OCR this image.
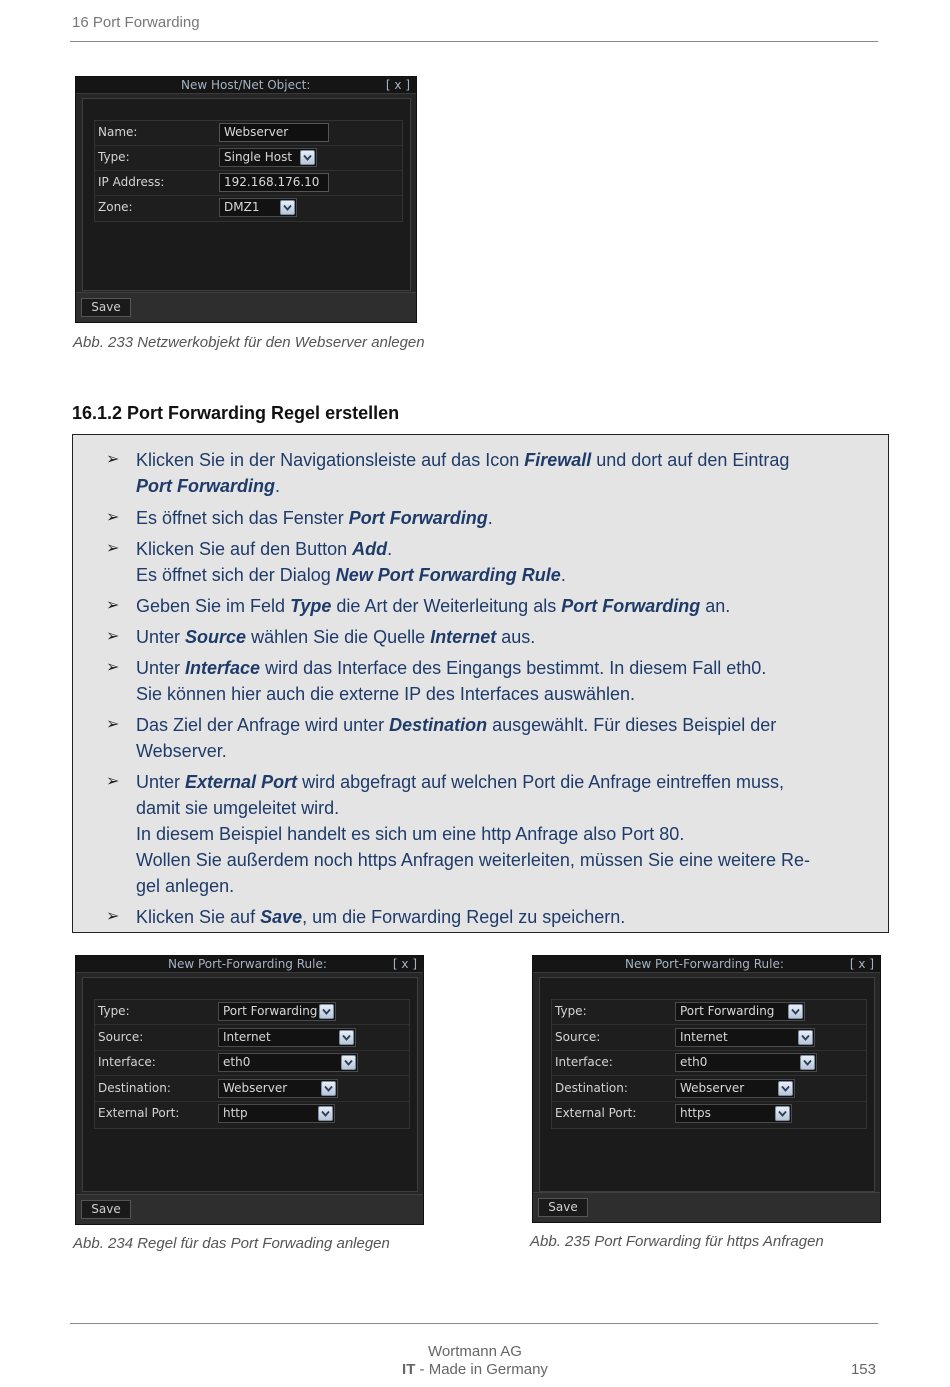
16 Port Forwarding
New Host/Net Object:	[ x ]
Name:	Webserver
Type:	Single Host
IP Address:	192.168.176.10
Zone:	DMZ1
Save
Abb. 233 Netzwerkobjekt für den Webserver anlegen
16.1.2 Port Forwarding Regel erstellen
➢ Klicken Sie in der Navigationsleiste auf das Icon Firewall und dort auf den Eintrag
Port Forwarding.
➢ Es öffnet sich das Fenster Port Forwarding.
➢ Klicken Sie auf den Button Add.
Es öffnet sich der Dialog New Port Forwarding Rule.
➢ Geben Sie im Feld Type die Art der Weiterleitung als Port Forwarding an.
➢ Unter Source wählen Sie die Quelle Internet aus.
➢ Unter Interface wird das Interface des Eingangs bestimmt. In diesem Fall eth0.
Sie können hier auch die externe IP des Interfaces auswählen.
➢ Das Ziel der Anfrage wird unter Destination ausgewählt. Für dieses Beispiel der
Webserver.
➢ Unter External Port wird abgefragt auf welchen Port die Anfrage eintreffen muss,
damit sie umgeleitet wird.
In diesem Beispiel handelt es sich um eine http Anfrage also Port 80.
Wollen Sie außerdem noch https Anfragen weiterleiten, müssen Sie eine weitere Re-
gel anlegen.
➢ Klicken Sie auf Save, um die Forwarding Regel zu speichern.
New Port-Forwarding Rule:	[ x ]
Type:	Port Forwarding
Source:	Internet
Interface:	eth0
Destination:	Webserver
External Port:	http
Save
Abb. 234 Regel für das Port Forwading anlegen
New Port-Forwarding Rule:	[ x ]
Type:	Port Forwarding
Source:	Internet
Interface:	eth0
Destination:	Webserver
External Port:	https
Save
Abb. 235 Port Forwarding für https Anfragen
Wortmann AG
IT - Made in Germany	153
